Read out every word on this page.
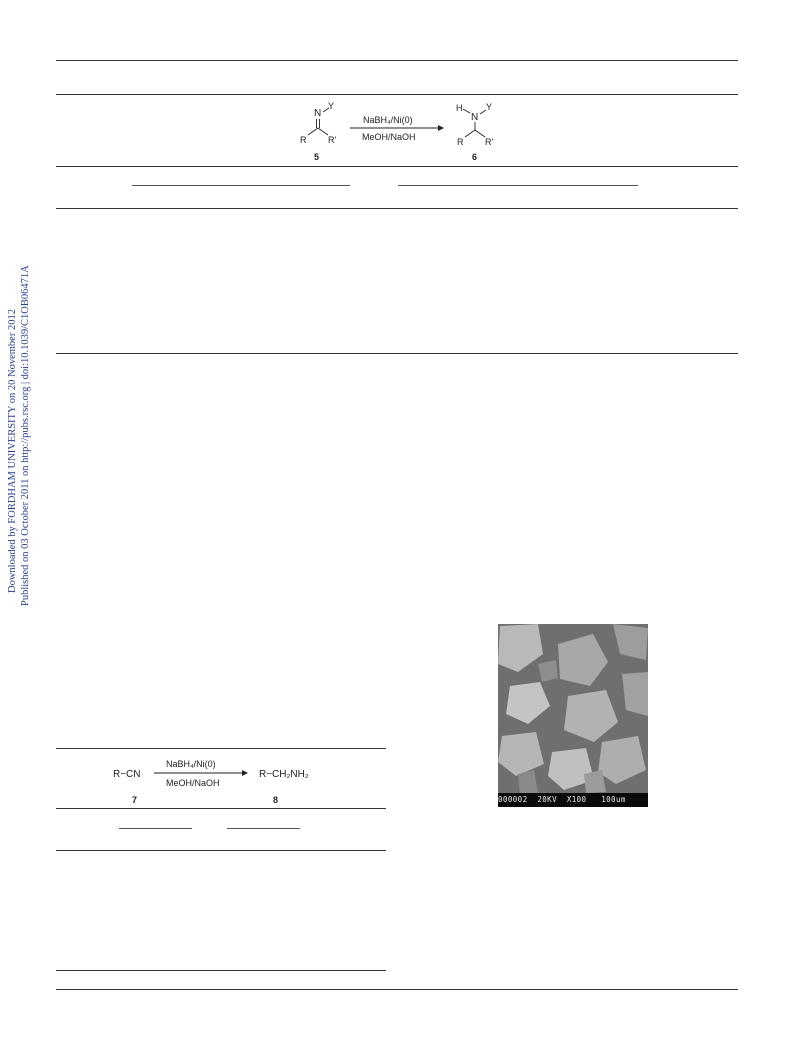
Downloaded by FORDHAM UNIVERSITY on 20 November 2012 Published on 03 October 2011 on http://pubs.rsc.org | doi:10.1039/C1OB06471A
N
Y
R R'
5
NaBH₄/Ni(0)
MeOH/NaOH
H
N
Y
R R'
6
R−CN
NaBH₄/Ni(0)
MeOH/NaOH
R−CH₂NH₂
7	8	000002  20KV  X100   100um
